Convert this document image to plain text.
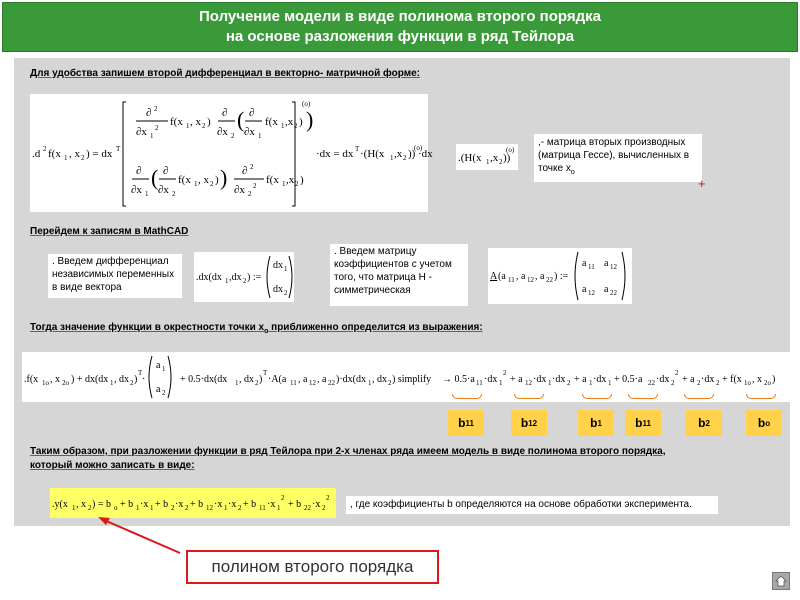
Получение модели в виде полинома второго порядка
на основе разложения функции в ряд Тейлора
Для удобства запишем второй дифференциал в векторно- матричной форме:
.d 2 f(x 1 , x 2 ) = dx T
∂ 2
∂x 1
2 f(x 1 , x 2 )
∂
∂x 2
( ∂
∂x 1
f(x 1 ,x 2 ) )
∂
∂x 1
( ∂
∂x 2
f(x 1 , x 2 ) ) ∂ 2
∂x 2
2 f(x 1 ,x 2 )
(o)
·dx = dx T ·(H(x 1 ,x 2 ))
(o)
·dx .(H(x 1 ,x 2 ))
(o)
,- матрица вторых производных (матрица Гессе), вычисленных в точке $x_o$
+
Перейдем к записям в MathCAD
. Введем дифференциал независимых переменных в виде вектора
.dx(dx 1 ,dx 2 ) :=
dx 1
dx 2
. Введем матрицу коэффициентов с учетом того, что матрица H - симметрическая
A (a 11 , a 12 , a 22 ) :=
a 11 a 12
a 12 a 22
Тогда значение функции в окрестности точки $x_o$ приближенно определится из выражения:
.f(x 1o , x 2o ) + dx(dx 1 , dx 2 )
T
·
a 1
a 2
+ 0.5·dx(dx 1 , dx 2 )
T
·A(a 11 , a 12 , a 22 )·dx(dx 1 , dx 2 ) simplify → 0.5·a 11 ·dx 1
2
+ a 12 ·dx 1 ·dx 2 + a 1 ·dx 1 + 0.5·a 22 ·dx 2
2
+ a 2 ·dx 2 + f(x 1o , x 2o )
b 11	b 12	b 1	b 11	b 2	b o
Таким образом, при разложении функции в ряд Тейлора при 2-х членах ряда имеем модель в виде полинома второго порядка,
который можно записать в виде:
.y(x 1 , x 2 ) = b o + b 1 ·x 1 + b 2 ·x 2 + b 12 ·x 1 ·x 2 + b 11 ·x 1
2
+ b 22 ·x 2
2
, где коэффициенты b определяются на основе обработки эксперимента.
полином второго порядка
